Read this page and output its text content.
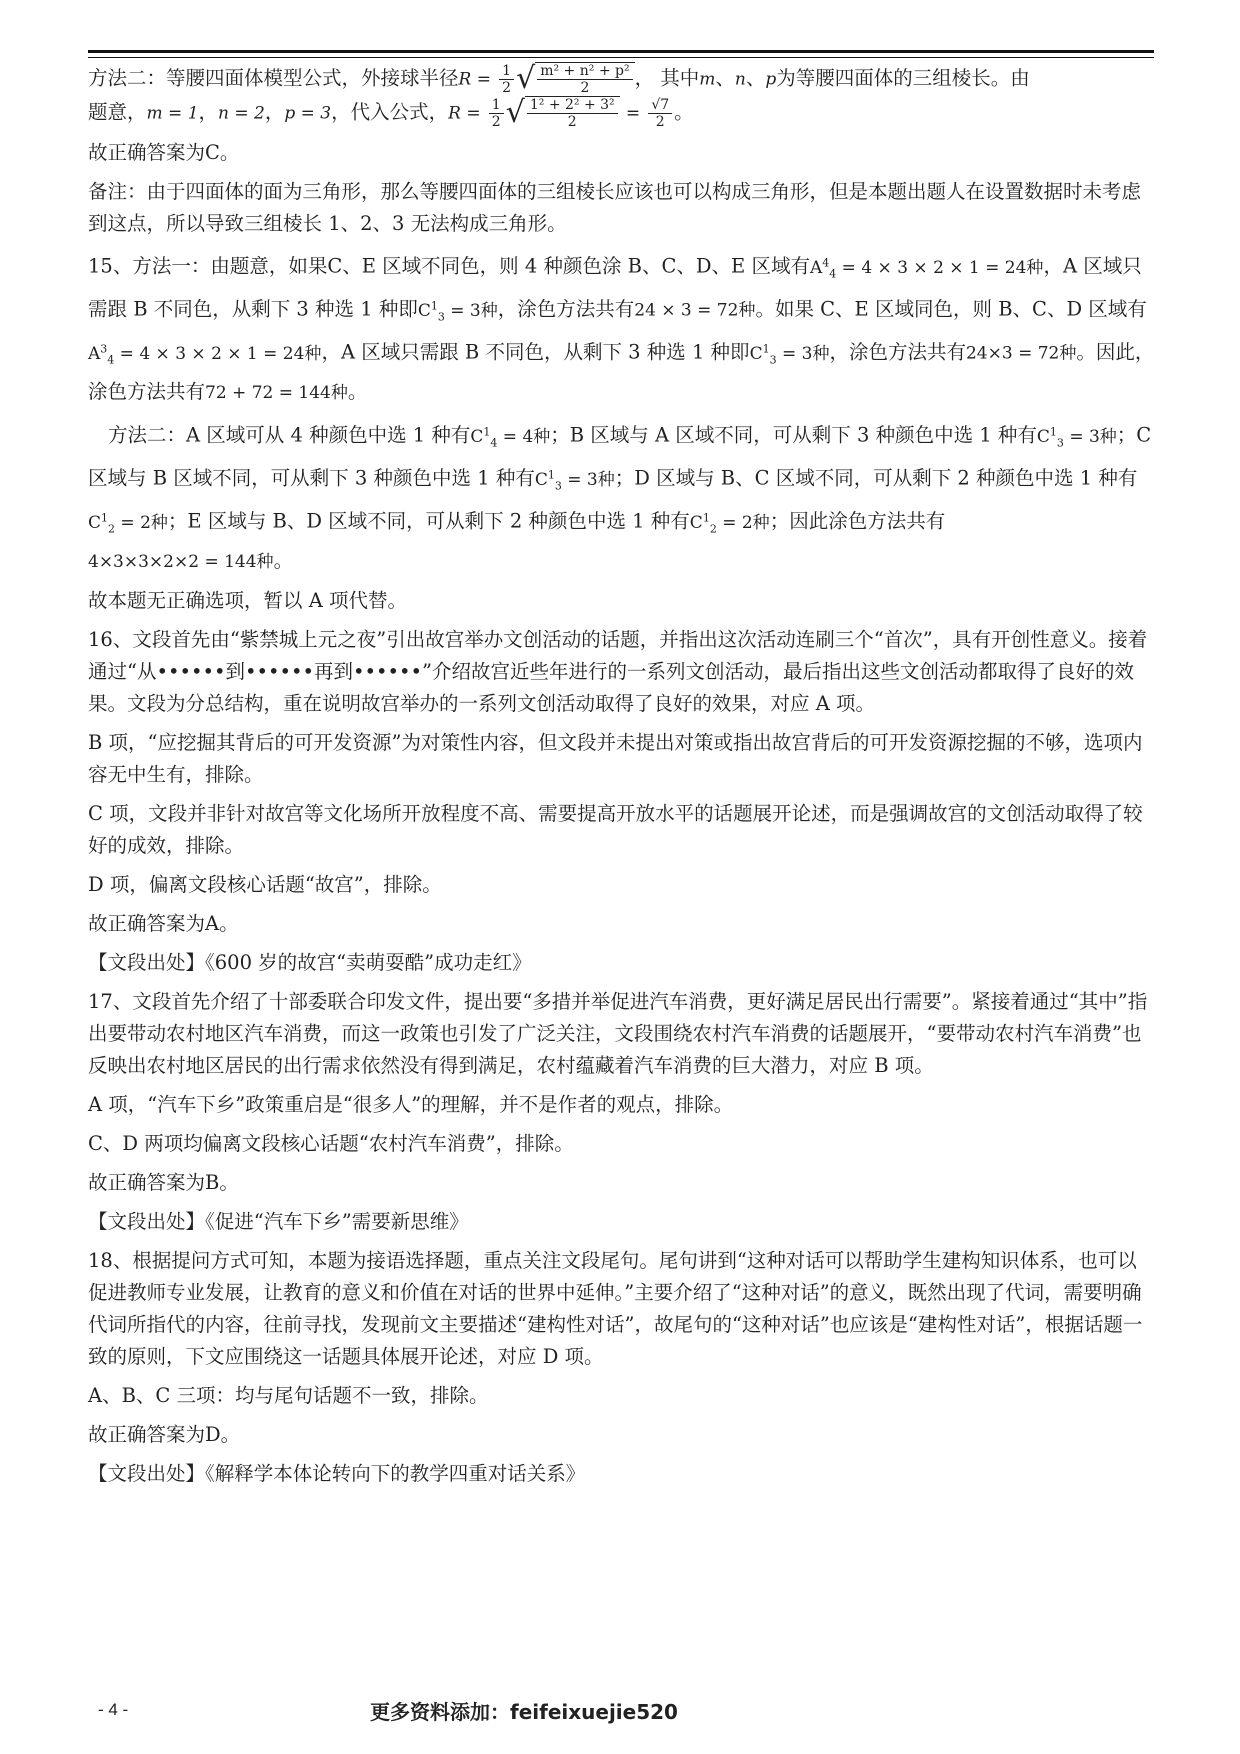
方法二：等腰四面体模型公式，外接球半径$R = \frac{1}{2}$ √ $\frac{\text{m² + n² + p²}}{2}$ ， 其中m、n、p为等腰四面体的三组棱长。由
题意，m = 1，n = 2，p = 3，代入公式，$R = \frac{1}{2}$ √ $\frac{\text{1² + 2² + 3²}}{2} = \frac{√7}{2}$ 。

故正确答案为C。

备注：由于四面体的面为三角形，那么等腰四面体的三组棱长应该也可以构成三角形，但是本题出题人在设置数据时未考虑到这点，所以导致三组棱长 1、2、3 无法构成三角形。

15、方法一：由题意，如果C、E 区域不同色，则 4 种颜色涂 B、C、D、E 区域有$A^4_4 = 4 \times 3 \times 2 \times 1 = 24$种，A 区域只需跟 B 不同色，从剩下 3 种选 1 种即$C^1_3 = 3$种，涂色方法共有24 × 3 = 72种。如果 C、E 区域同色，则 B、C、D 区域有$A^3_4 = 4 \times 3 \times 2 \times 1 = 24$种，A 区域只需跟 B 不同色，从剩下 3 种选 1 种即$C^1_3 = 3$种，涂色方法共有24×3 = 72种。因此，涂色方法共有72 + 72 = 144种。

方法二：A 区域可从 4 种颜色中选 1 种有$C^1_4 = 4$种；B 区域与 A 区域不同，可从剩下 3 种颜色中选 1 种有$C^1_3 = 3$种；C 区域与 B 区域不同，可从剩下 3 种颜色中选 1 种有$C^1_3 = 3$种；D 区域与 B、C 区域不同，可从剩下 2 种颜色中选 1 种有$C^1_2 = 2$种；E 区域与 B、D 区域不同，可从剩下 2 种颜色中选 1 种有$C^1_2 = 2$种；因此涂色方法共有
4×3×3×2×2 = 144种。

故本题无正确选项，暂以 A 项代替。

16、文段首先由“紫禁城上元之夜”引出故宫举办文创活动的话题，并指出这次活动连刷三个“首次”，具有开创性意义。接着通过“从••••••到••••••再到••••••”介绍故宫近些年进行的一系列文创活动，最后指出这些文创活动都取得了良好的效果。文段为分总结构，重在说明故宫举办的一系列文创活动取得了良好的效果，对应 A 项。

B 项，“应挖掘其背后的可开发资源”为对策性内容，但文段并未提出对策或指出故宫背后的可开发资源挖掘的不够，选项内容无中生有，排除。

C 项，文段并非针对故宫等文化场所开放程度不高、需要提高开放水平的话题展开论述，而是强调故宫的文创活动取得了较好的成效，排除。

D 项，偏离文段核心话题“故宫”，排除。

故正确答案为A。

【文段出处】《600 岁的故宫“卖萌耍酷”成功走红》

17、文段首先介绍了十部委联合印发文件，提出要“多措并举促进汽车消费，更好满足居民出行需要”。紧接着通过“其中”指出要带动农村地区汽车消费，而这一政策也引发了广泛关注，文段围绕农村汽车消费的话题展开，“要带动农村汽车消费”也反映出农村地区居民的出行需求依然没有得到满足，农村蕴藏着汽车消费的巨大潜力，对应 B 项。

A 项，“汽车下乡”政策重启是“很多人”的理解，并不是作者的观点，排除。

C、D 两项均偏离文段核心话题“农村汽车消费”，排除。

故正确答案为B。

【文段出处】《促进“汽车下乡”需要新思维》

18、根据提问方式可知，本题为接语选择题，重点关注文段尾句。尾句讲到“这种对话可以帮助学生建构知识体系，也可以促进教师专业发展，让教育的意义和价值在对话的世界中延伸。”主要介绍了“这种对话”的意义，既然出现了代词，需要明确代词所指代的内容，往前寻找，发现前文主要描述“建构性对话”，故尾句的“这种对话”也应该是“建构性对话”，根据话题一致的原则，下文应围绕这一话题具体展开论述，对应 D 项。

A、B、C 三项：均与尾句话题不一致，排除。

故正确答案为D。

【文段出处】《解释学本体论转向下的教学四重对话关系》

- 4 -	更多资料添加：feifeixuejie520
